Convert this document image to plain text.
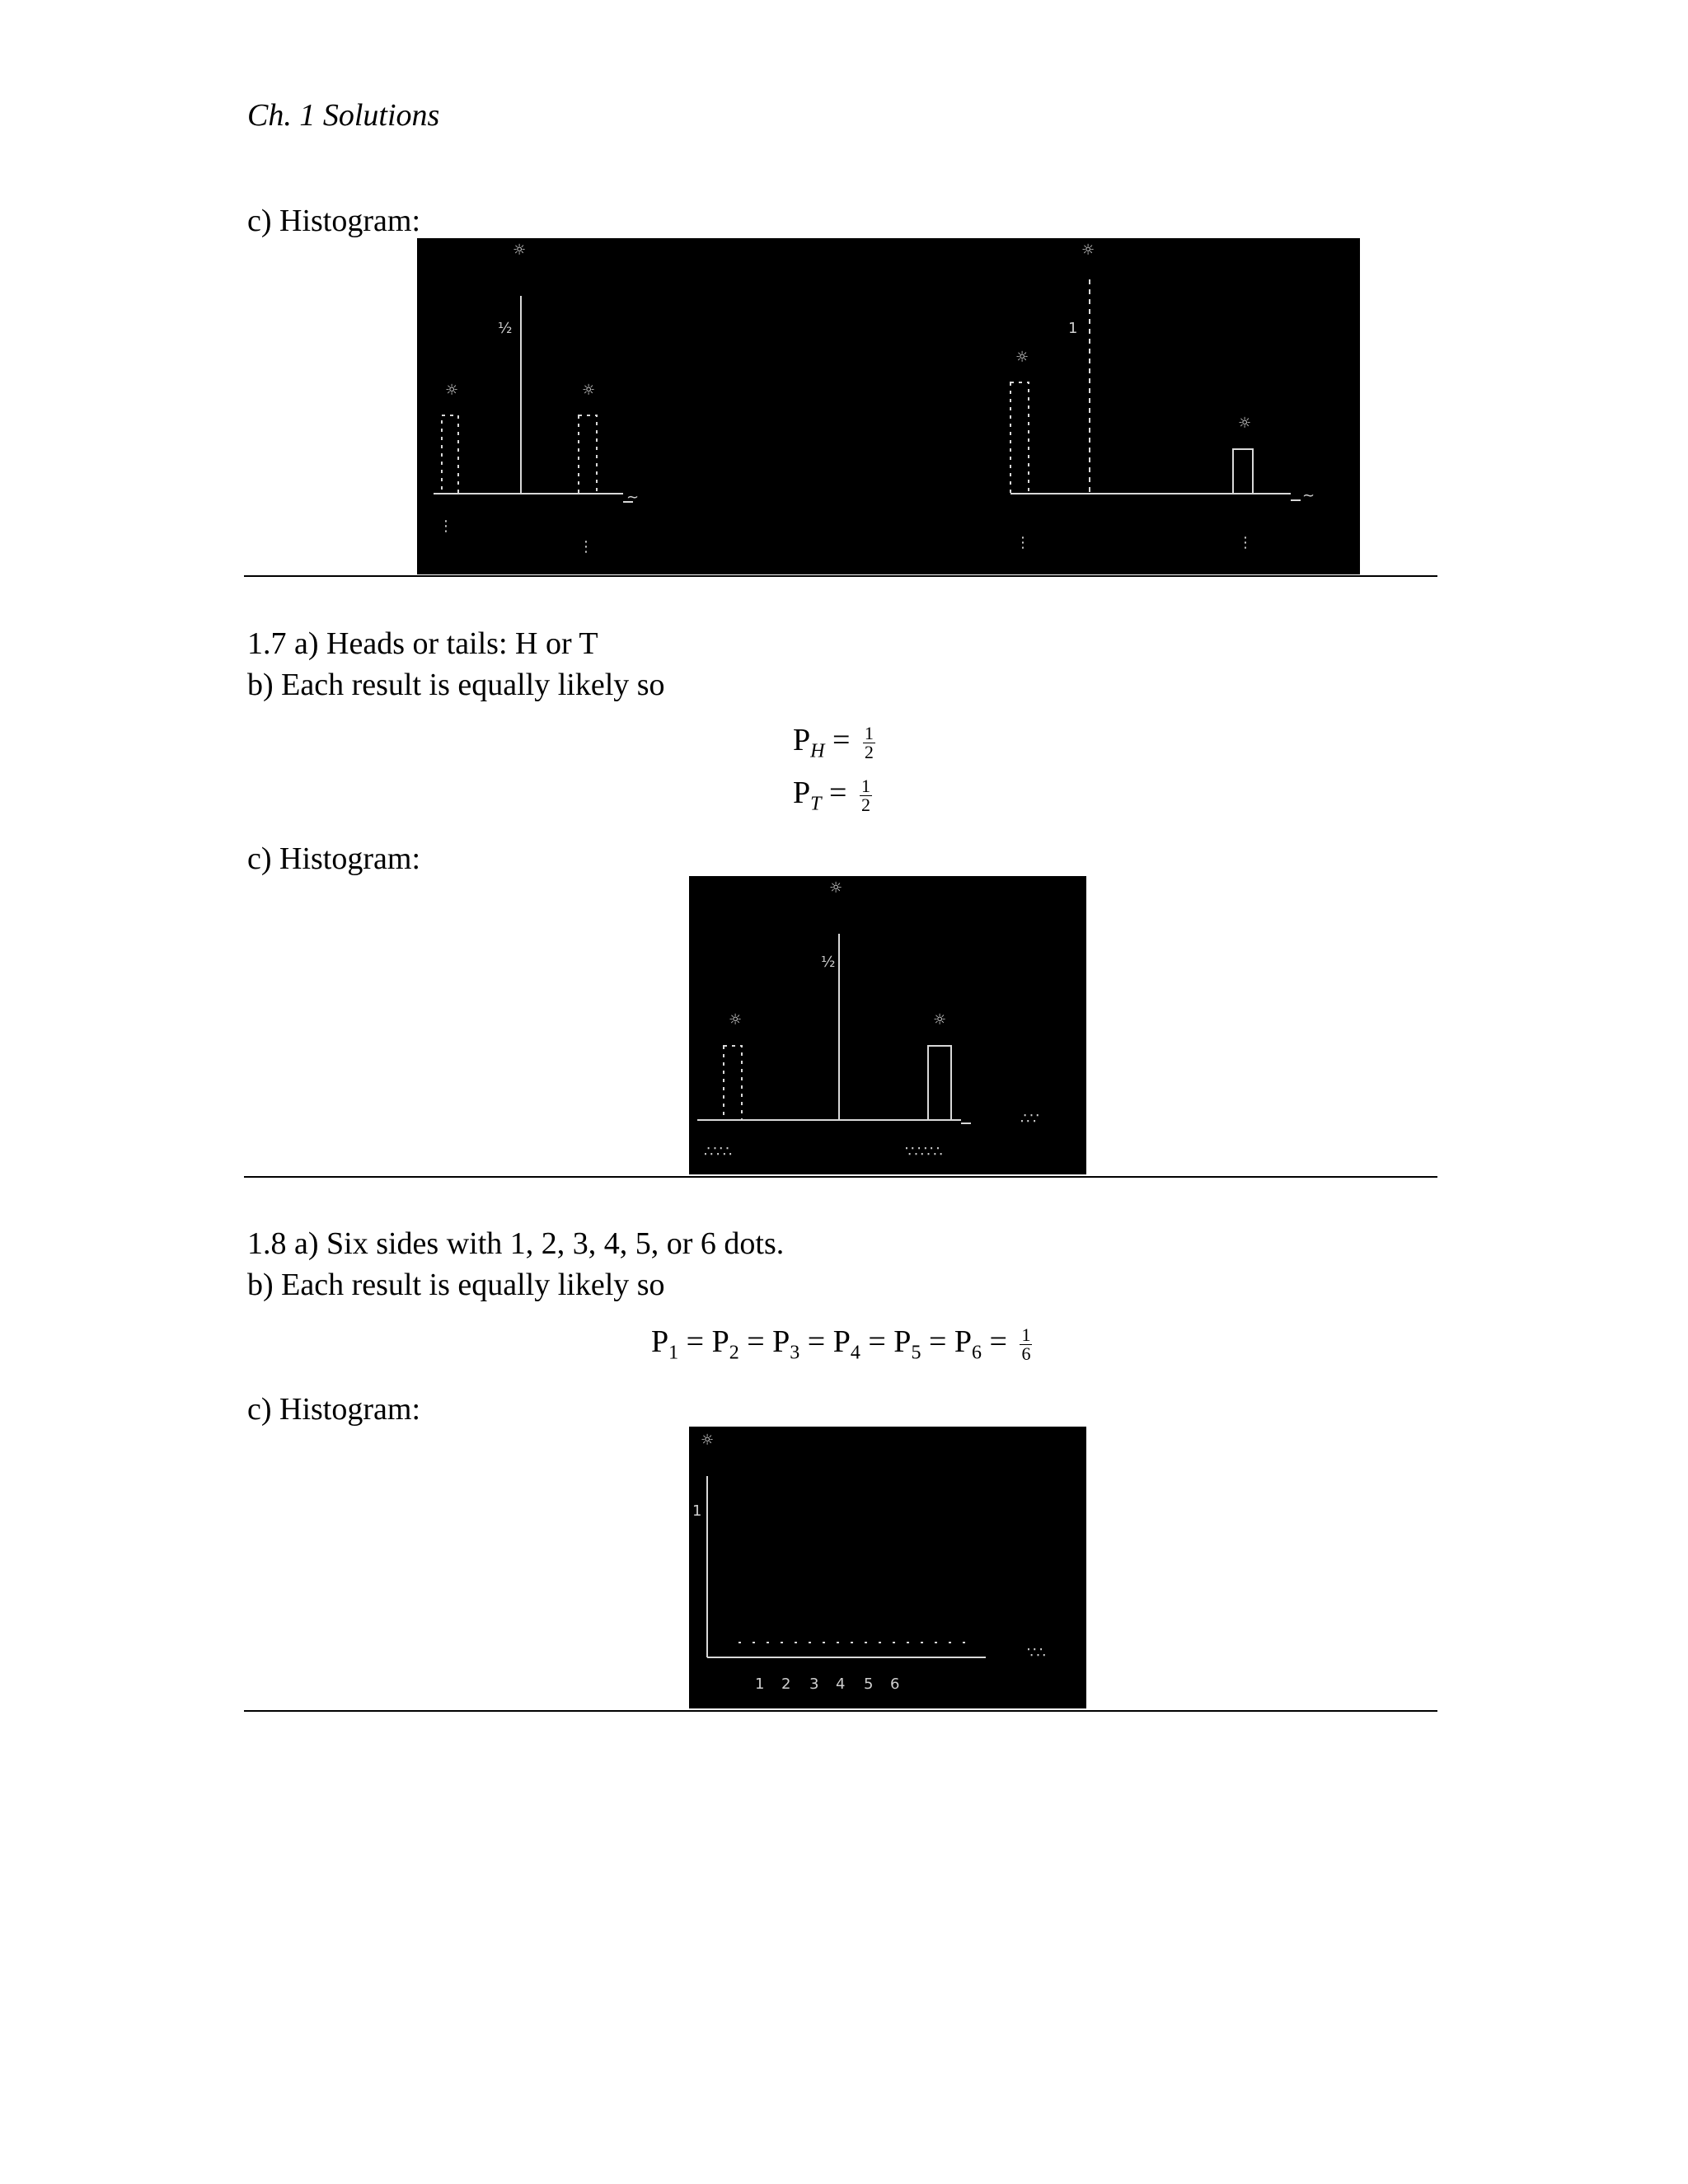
Ch. 1 Solutions
c) Histogram:
☼	☼
☼
½
⋮
⋮
∼
☼
☼
1
⋮
☼
⋮
∼
1.7 a) Heads or tails: H or T
b) Each result is equally likely so
$P_H = \frac{1}{2}$
$P_T = \frac{1}{2}$
c) Histogram:
☼
½
☼	☼
∴∵∴	∵∴∵∴
∴∵
1.8 a) Six sides with 1, 2, 3, 4, 5, or 6 dots.
b) Each result is equally likely so
$P_1 = P_2 = P_3 = P_4 = P_5 = P_6 = \frac{1}{6}$
c) Histogram:
☼
1
1 2 3 4 5 6
∵∴
